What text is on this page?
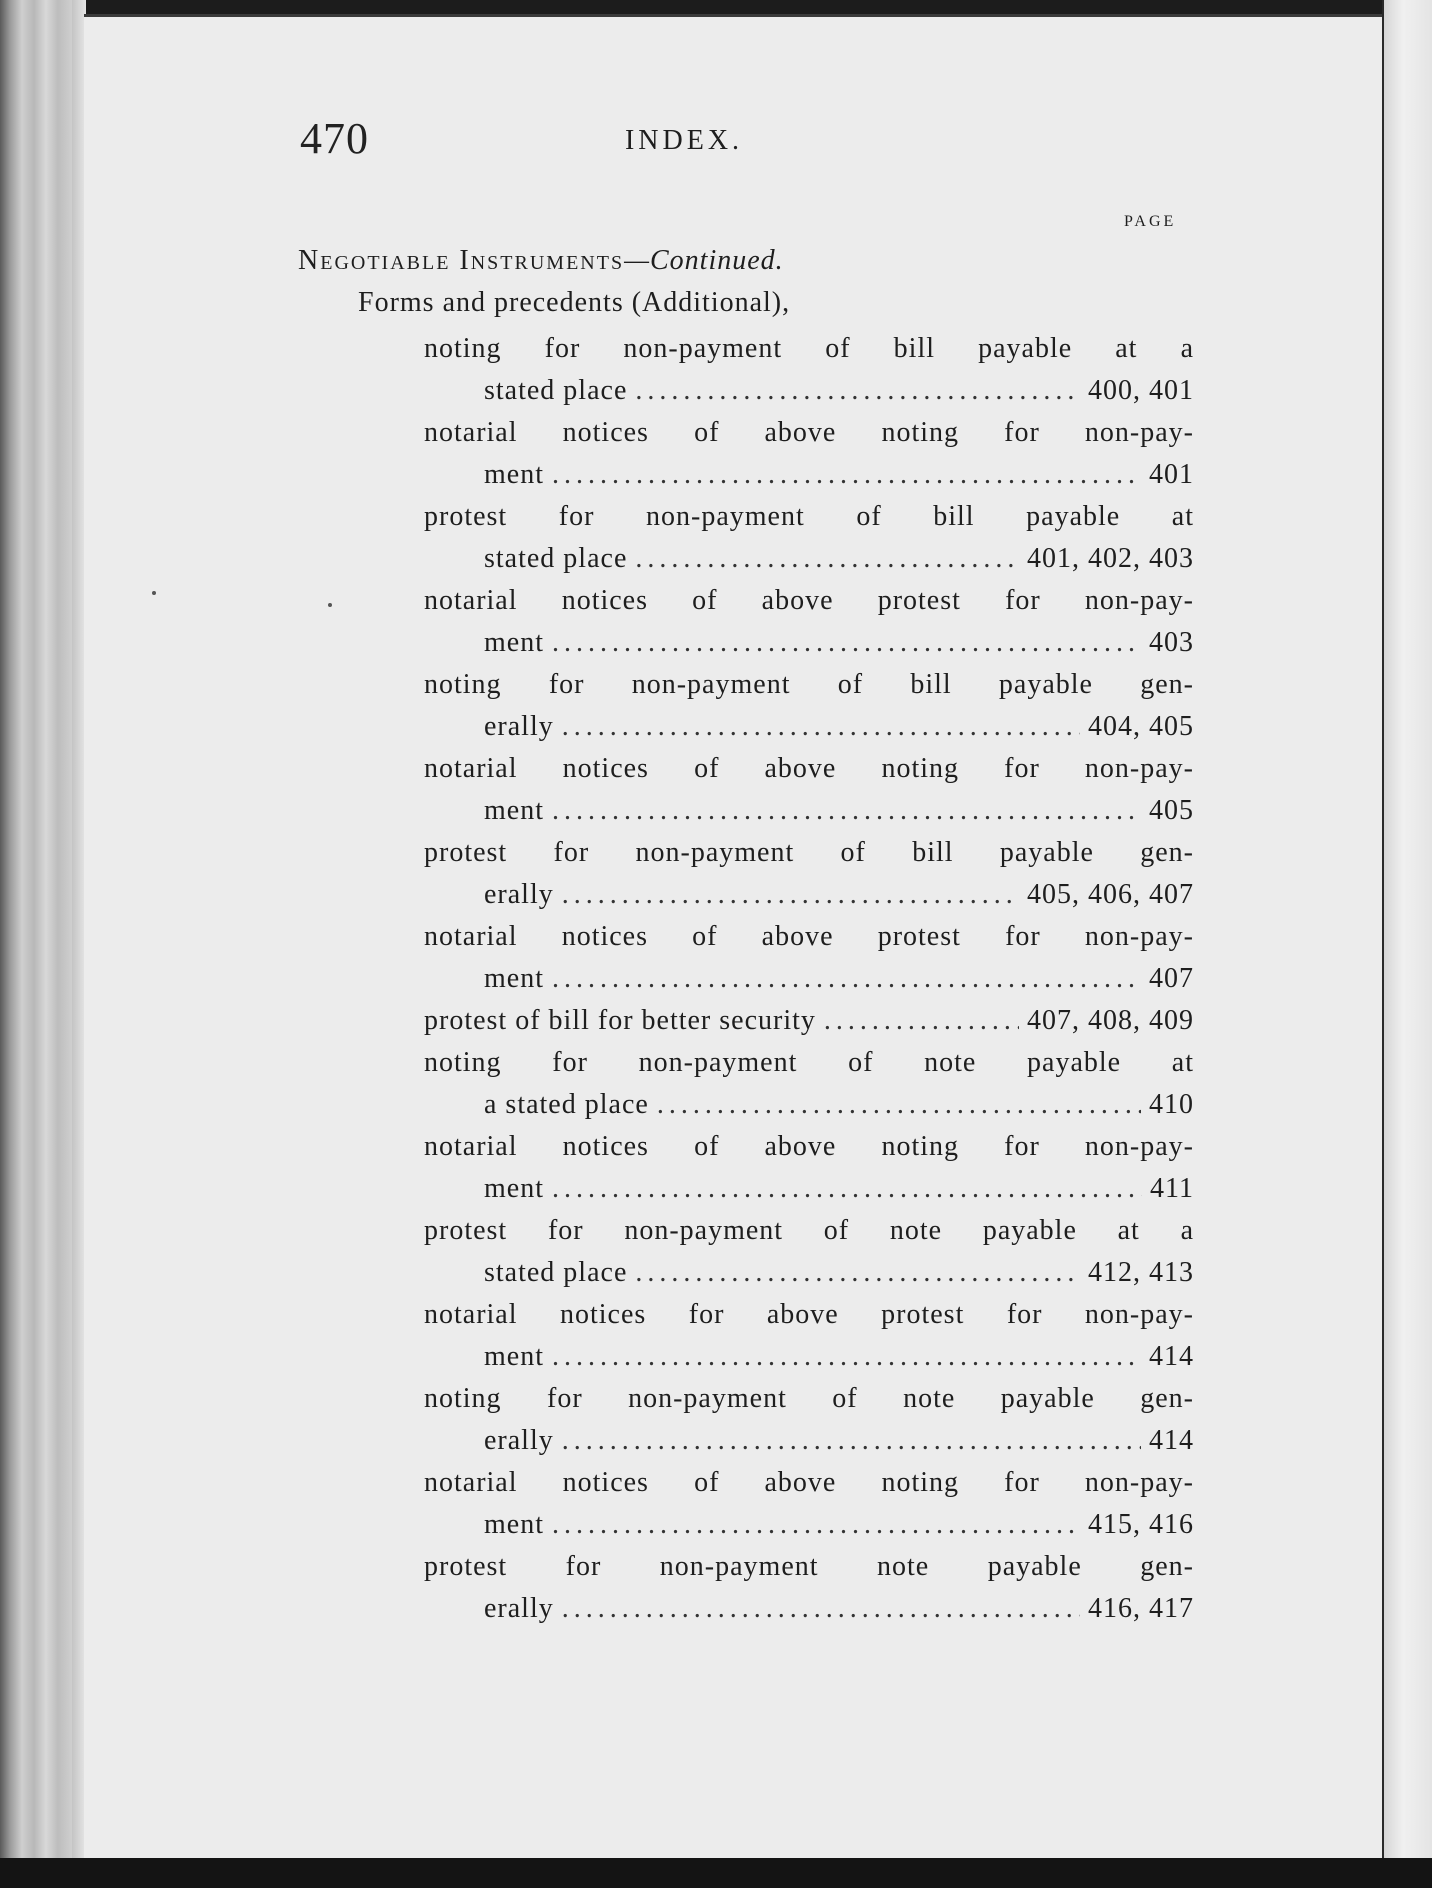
470	INDEX.
PAGE
Negotiable Instruments—Continued.
Forms and precedents (Additional),
noting for non-payment of bill payable at a
stated place . . .	400, 401
notarial notices of above noting for non-pay-
ment . . .	401
protest for non-payment of bill payable at
stated place . . .	401, 402, 403
notarial notices of above protest for non-pay-
ment . . .	403
noting for non-payment of bill payable gen-
erally . . .	404, 405
notarial notices of above noting for non-pay-
ment . . .	405
protest for non-payment of bill payable gen-
erally . . .	405, 406, 407
notarial notices of above protest for non-pay-
ment . . .	407
protest of bill for better security . . .	407, 408, 409
noting for non-payment of note payable at
a stated place . . .	410
notarial notices of above noting for non-pay-
ment . . .	411
protest for non-payment of note payable at a
stated place . . .	412, 413
notarial notices for above protest for non-pay-
ment . . .	414
noting for non-payment of note payable gen-
erally . . .	414
notarial notices of above noting for non-pay-
ment . . .	415, 416
protest for non-payment note payable gen-
erally . . .	416, 417
